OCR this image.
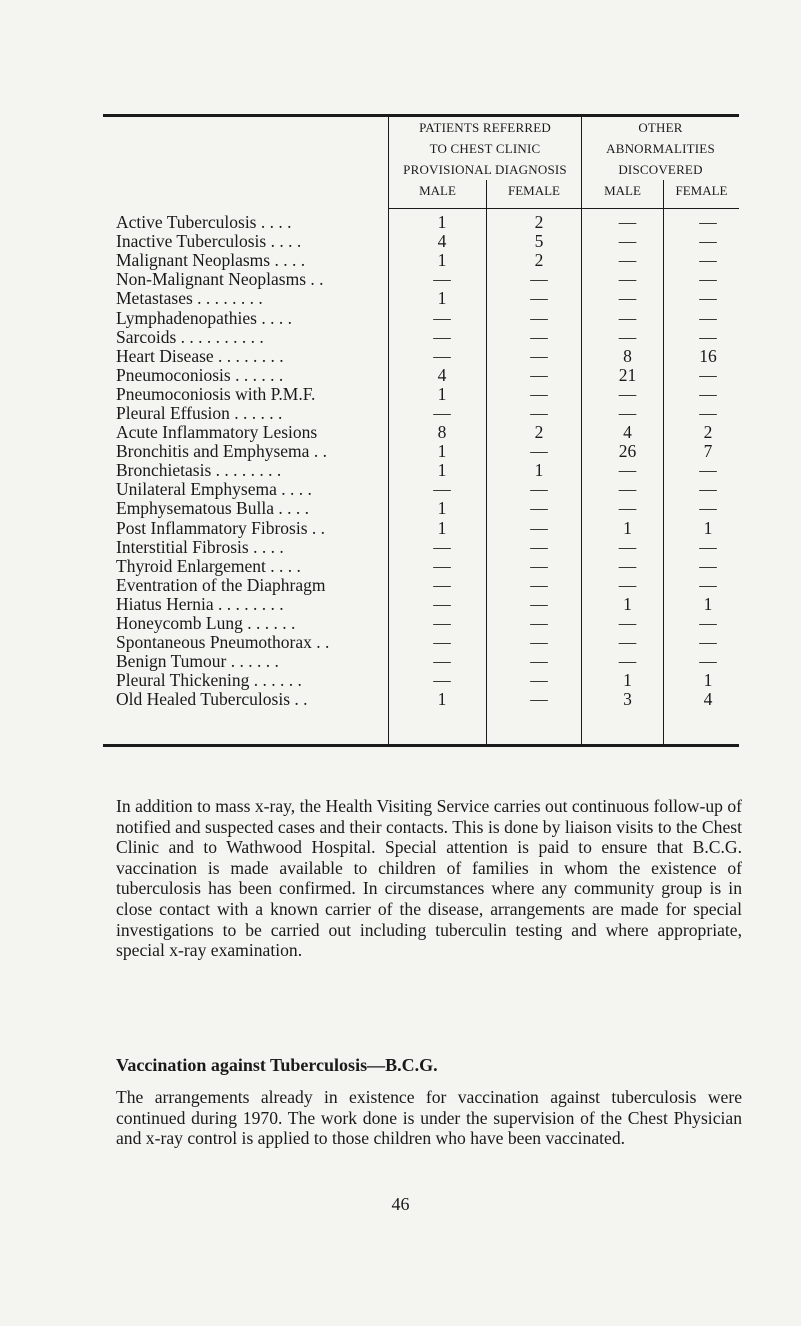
PATIENTS REFERRED
TO CHEST CLINIC
PROVISIONAL DIAGNOSIS
OTHER
ABNORMALITIES
DISCOVERED
MALE	FEMALE	MALE	FEMALE
Active Tuberculosis . . . .	1	2	—	—
Inactive Tuberculosis . . . .	4	5	—	—
Malignant Neoplasms . . . .	1	2	—	—
Non-Malignant Neoplasms . .	—	—	—	—
Metastases . . . . . . . .	1	—	—	—
Lymphadenopathies . . . .	—	—	—	—
Sarcoids . . . . . . . . . .	—	—	—	—
Heart Disease . . . . . . . .	—	—	8	16
Pneumoconiosis . . . . . .	4	—	21	—
Pneumoconiosis with P.M.F.	1	—	—	—
Pleural Effusion . . . . . .	—	—	—	—
Acute Inflammatory Lesions	8	2	4	2
Bronchitis and Emphysema . .	1	—	26	7
Bronchietasis . . . . . . . .	1	1	—	—
Unilateral Emphysema . . . .	—	—	—	—
Emphysematous Bulla . . . .	1	—	—	—
Post Inflammatory Fibrosis . .	1	—	1	1
Interstitial Fibrosis . . . .	—	—	—	—
Thyroid Enlargement . . . .	—	—	—	—
Eventration of the Diaphragm	—	—	—	—
Hiatus Hernia . . . . . . . .	—	—	1	1
Honeycomb Lung . . . . . .	—	—	—	—
Spontaneous Pneumothorax . .	—	—	—	—
Benign Tumour . . . . . .	—	—	—	—
Pleural Thickening . . . . . .	—	—	1	1
Old Healed Tuberculosis . .	1	—	3	4
In addition to mass x-ray, the Health Visiting Service carries out continuous follow-up of notified and suspected cases and their contacts. This is done by liaison visits to the Chest Clinic and to Wathwood Hospital. Special attention is paid to ensure that B.C.G. vaccination is made available to children of families in whom the existence of tuberculosis has been confirmed. In circumstances where any community group is in close contact with a known carrier of the disease, arrangements are made for special investigations to be carried out including tuberculin testing and where appropriate, special x-ray examination.
Vaccination against Tuberculosis—B.C.G.
The arrangements already in existence for vaccination against tuberculosis were continued during 1970. The work done is under the supervision of the Chest Physician and x-ray control is applied to those children who have been vaccinated.
46
